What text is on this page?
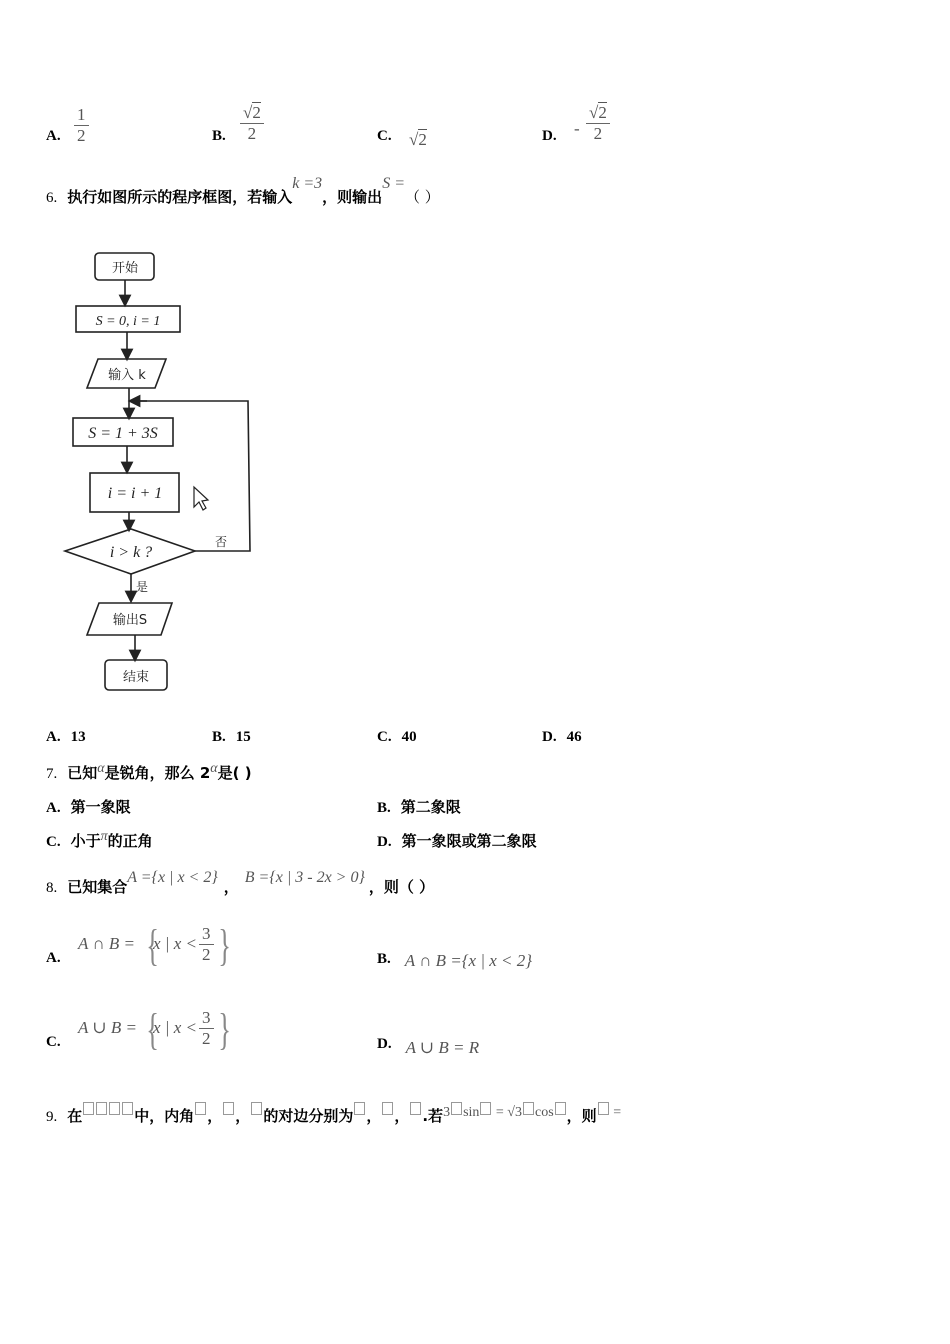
A.
1
2	B.
√2
2	C. √2	D. -
√2
2
6. 执行如图所示的程序框图，若输入k =3，则输出S =（ ）
开始
S = 0, i = 1
输入 k
S = 1 + 3S
i = i + 1
i > k ?
否
是
输出S
结束
A. 13	B. 15	C. 40	D. 46
7. 已知α是锐角，那么 2α是( )
A. 第一象限	B. 第二象限
C. 小于π的正角	D. 第一象限或第二象限
8. 已知集合A ={x | x < 2}，B ={x | 3 - 2x > 0}，则（ ）
A.
A ∩ B = {
x | x <
3
2 }	B. A ∩ B ={x | x < 2}
C.
A ∪ B = {
x | x <
3
2 }	D. A ∪ B = R
9. 在	中，内角 ， ， 的对边分别为 ， ， .若3 sin = √3 cos ，则 =
